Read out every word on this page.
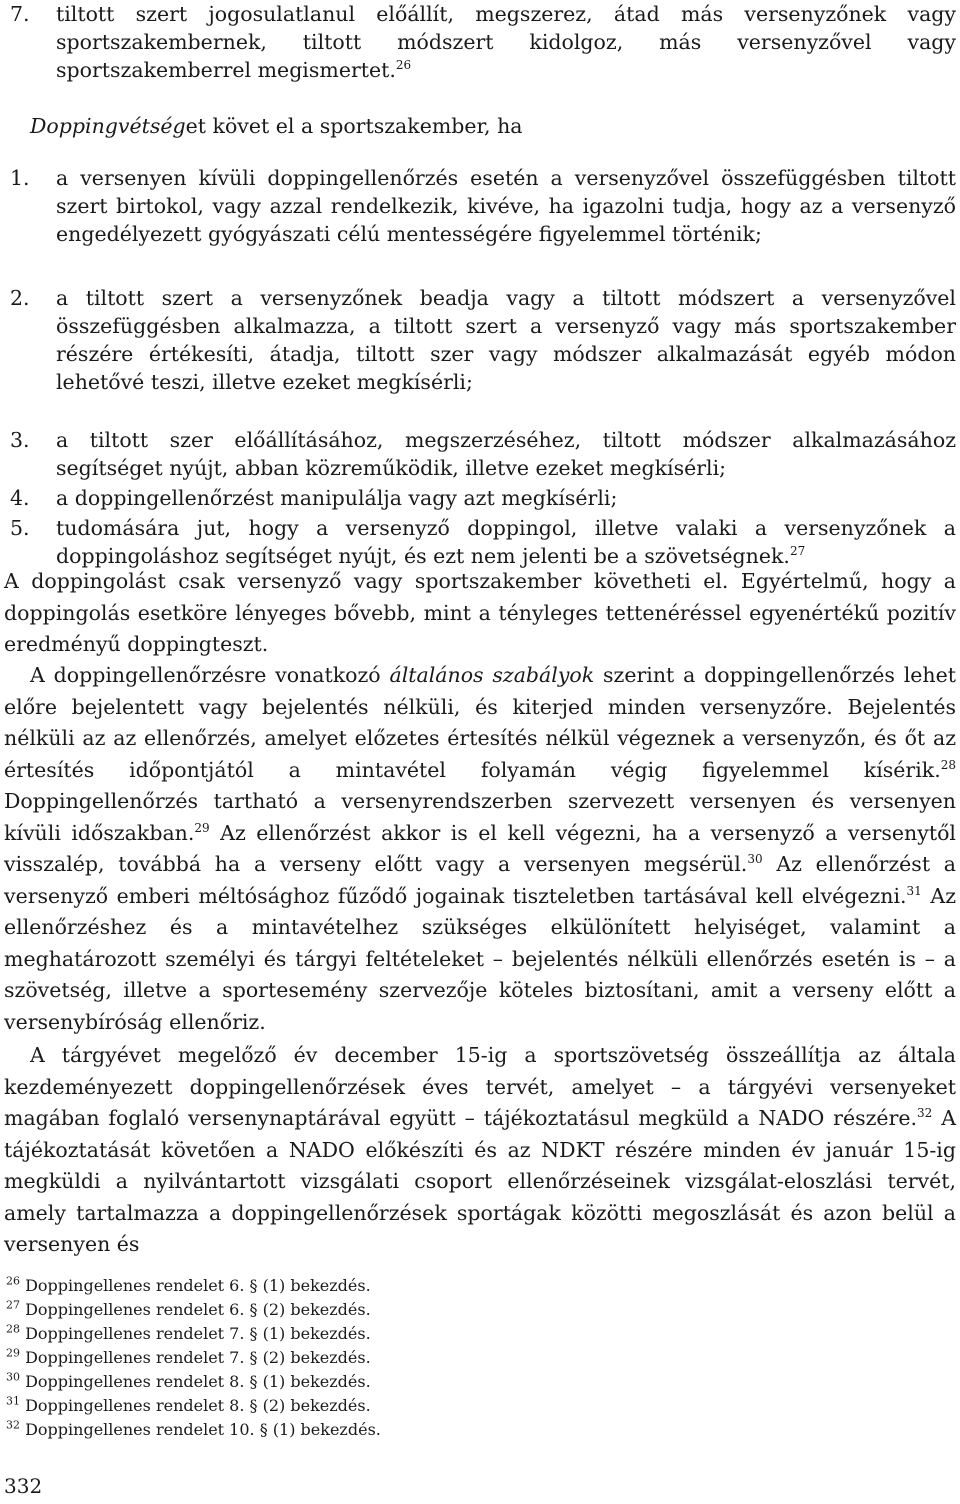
7.	tiltott szert jogosulatlanul előállít, megszerez, átad más versenyzőnek vagy sportszakembernek, tiltott módszert kidolgoz, más versenyzővel vagy sportszakemberrel megismertet.$^{26}$
Doppingvétséget követ el a sportszakember, ha
1.	a versenyen kívüli doppingellenőrzés esetén a versenyzővel összefüggésben tiltott szert birtokol, vagy azzal rendelkezik, kivéve, ha igazolni tudja, hogy az a versenyző engedélyezett gyógyászati célú mentességére figyelemmel történik;
2.	a tiltott szert a versenyzőnek beadja vagy a tiltott módszert a versenyzővel összefüggésben alkalmazza, a tiltott szert a versenyző vagy más sportszakember részére értékesíti, átadja, tiltott szer vagy módszer alkalmazását egyéb módon lehetővé teszi, illetve ezeket megkísérli;
3.	a tiltott szer előállításához, megszerzéséhez, tiltott módszer alkalmazásához segítséget nyújt, abban közreműködik, illetve ezeket megkísérli;
4.	a doppingellenőrzést manipulálja vagy azt megkísérli;
5.	tudomására jut, hogy a versenyző doppingol, illetve valaki a versenyzőnek a doppingoláshoz segítséget nyújt, és ezt nem jelenti be a szövetségnek.$^{27}$
A doppingolást csak versenyző vagy sportszakember követheti el. Egyértelmű, hogy a doppingolás esetköre lényeges bővebb, mint a tényleges tettenéréssel egyenértékű pozitív eredményű doppingteszt.
A doppingellenőrzésre vonatkozó általános szabályok szerint a doppingellenőrzés lehet előre bejelentett vagy bejelentés nélküli, és kiterjed minden versenyzőre. Bejelentés nélküli az az ellenőrzés, amelyet előzetes értesítés nélkül végeznek a versenyzőn, és őt az értesítés időpontjától a mintavétel folyamán végig figyelemmel kísérik.$^{28}$ Doppingellenőrzés tartható a versenyrendszerben szervezett versenyen és versenyen kívüli időszakban.$^{29}$ Az ellenőrzést akkor is el kell végezni, ha a versenyző a versenytől visszalép, továbbá ha a verseny előtt vagy a versenyen megsérül.$^{30}$ Az ellenőrzést a versenyző emberi méltósághoz fűződő jogainak tiszteletben tartásával kell elvégezni.$^{31}$ Az ellenőrzéshez és a mintavételhez szükséges elkülönített helyiséget, valamint a meghatározott személyi és tárgyi feltételeket – bejelentés nélküli ellenőrzés esetén is – a szövetség, illetve a sportesemény szervezője köteles biztosítani, amit a verseny előtt a versenybíróság ellenőriz.
A tárgyévet megelőző év december 15-ig a sportszövetség összeállítja az általa kezdeményezett doppingellenőrzések éves tervét, amelyet – a tárgyévi versenyeket magában foglaló versenynaptárával együtt – tájékoztatásul megküld a NADO részére.$^{32}$ A tájékoztatását követően a NADO előkészíti és az NDKT részére minden év január 15-ig megküldi a nyilvántartott vizsgálati csoport ellenőrzéseinek vizsgálat-eloszlási tervét, amely tartalmazza a doppingellenőrzések sportágak közötti megoszlását és azon belül a versenyen és
$^{26}$ Doppingellenes rendelet 6. § (1) bekezdés.
$^{27}$ Doppingellenes rendelet 6. § (2) bekezdés.
$^{28}$ Doppingellenes rendelet 7. § (1) bekezdés.
$^{29}$ Doppingellenes rendelet 7. § (2) bekezdés.
$^{30}$ Doppingellenes rendelet 8. § (1) bekezdés.
$^{31}$ Doppingellenes rendelet 8. § (2) bekezdés.
$^{32}$ Doppingellenes rendelet 10. § (1) bekezdés.
332
